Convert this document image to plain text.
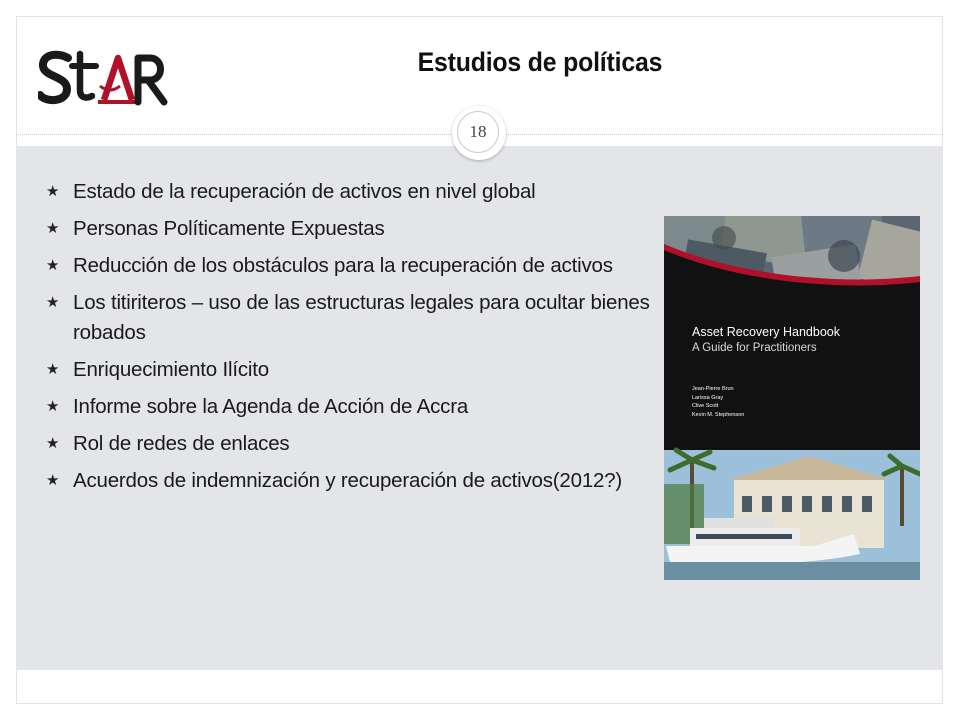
Estudios de políticas
18
★ Estado de la recuperación de activos en nivel global
★ Personas Políticamente Expuestas
★ Reducción de los obstáculos para la recuperación de activos
★ Los titiriteros – uso de las estructuras legales para ocultar bienes robados
★ Enriquecimiento Ilícito
★ Informe sobre la Agenda de Acción de Accra
★ Rol de redes de enlaces
★ Acuerdos de indemnización y recuperación de activos(2012?)
Asset Recovery Handbook
A Guide for Practitioners
Jean-Pierre Brun
Larissa Gray
Clive Scott
Kevin M. Stephenson
